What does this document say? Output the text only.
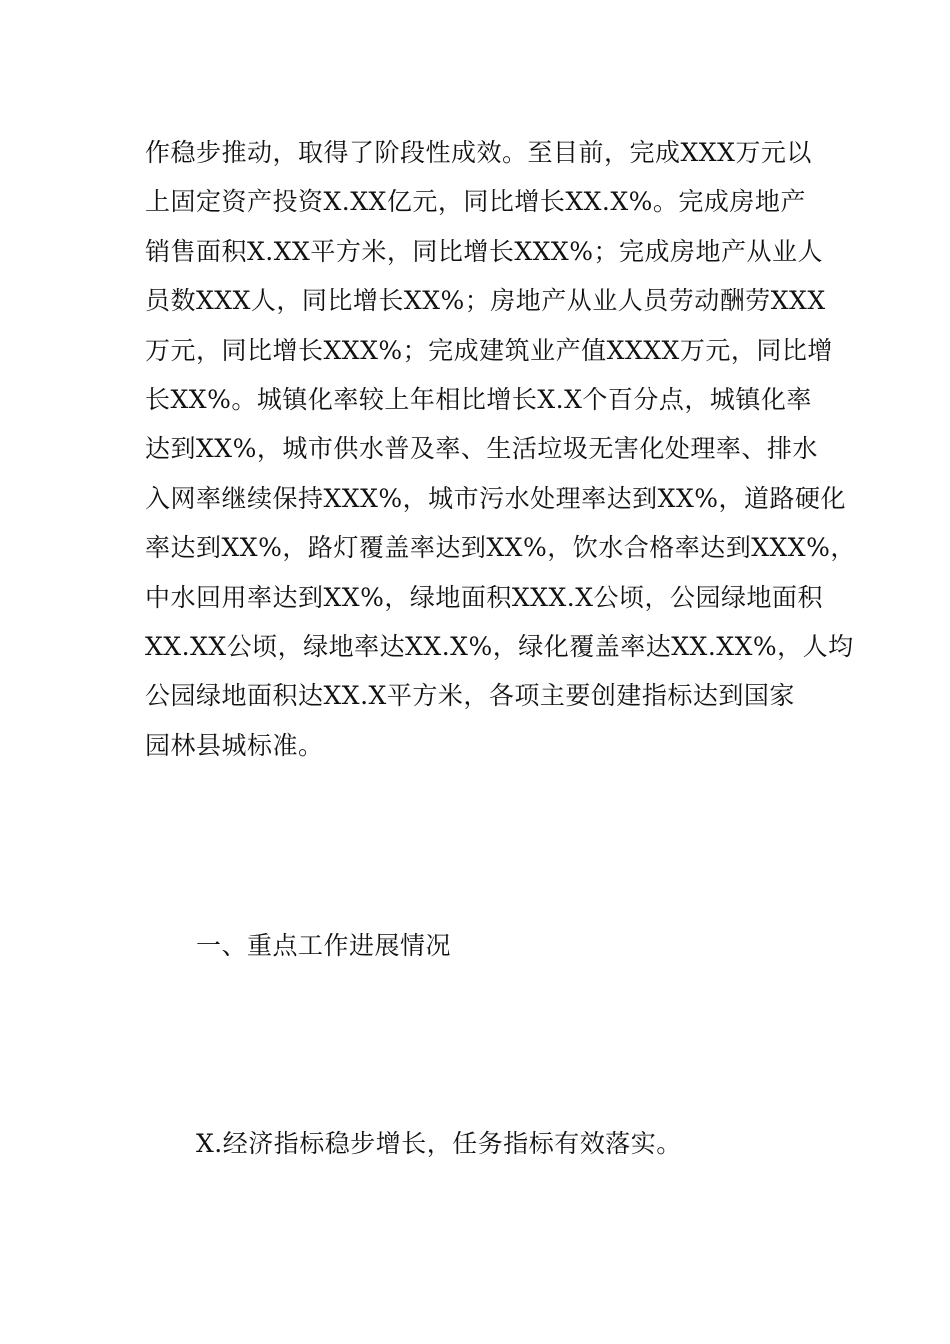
作稳步推动，取得了阶段性成效。至目前，完成XXX万元以
上固定资产投资X.XX亿元，同比增长XX.X%。完成房地产
销售面积X.XX平方米，同比增长XXX%；完成房地产从业人
员数XXX人，同比增长XX%；房地产从业人员劳动酬劳XXX
万元，同比增长XXX%；完成建筑业产值XXXX万元，同比增
长XX%。城镇化率较上年相比增长X.X个百分点，城镇化率
达到XX%，城市供水普及率、生活垃圾无害化处理率、排水
入网率继续保持XXX%，城市污水处理率达到XX%，道路硬化
率达到XX%，路灯覆盖率达到XX%，饮水合格率达到XXX%，
中水回用率达到XX%，绿地面积XXX.X公顷，公园绿地面积
XX.XX公顷，绿地率达XX.X%，绿化覆盖率达XX.XX%，人均
公园绿地面积达XX.X平方米，各项主要创建指标达到国家
园林县城标准。
一、重点工作进展情况
X.经济指标稳步增长，任务指标有效落实。
